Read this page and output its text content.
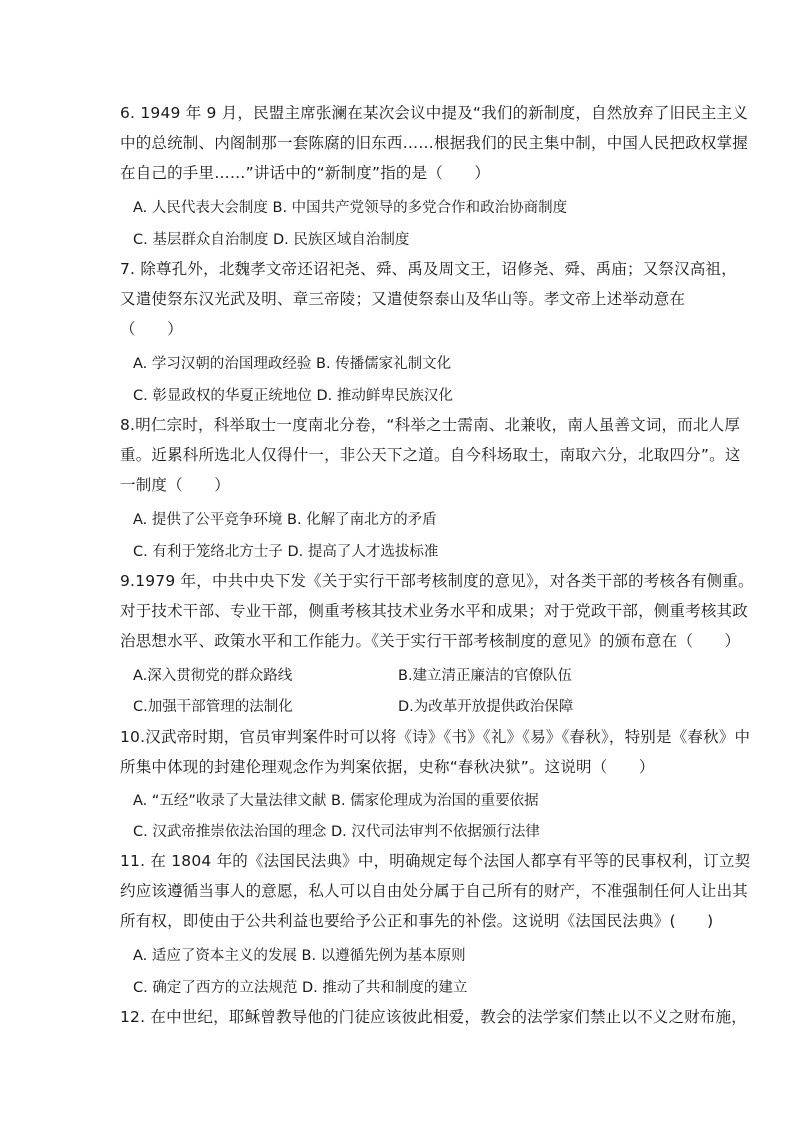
6. 1949 年 9 月，民盟主席张澜在某次会议中提及“我们的新制度，自然放弃了旧民主主义

中的总统制、内阁制那一套陈腐的旧东西……根据我们的民主集中制，中国人民把政权掌握

在自己的手里……”讲话中的“新制度”指的是（　　）

A. 人民代表大会制度 B. 中国共产党领导的多党合作和政治协商制度
C. 基层群众自治制度 D. 民族区域自治制度

7. 除尊孔外，北魏孝文帝还诏祀尧、舜、禹及周文王，诏修尧、舜、禹庙；又祭汉高祖，

又遣使祭东汉光武及明、章三帝陵；又遣使祭泰山及华山等。孝文帝上述举动意在

（　　）

A. 学习汉朝的治国理政经验 B. 传播儒家礼制文化
C. 彰显政权的华夏正统地位 D. 推动鲜卑民族汉化

8.明仁宗时，科举取士一度南北分卷，“科举之士需南、北兼收，南人虽善文词，而北人厚

重。近累科所选北人仅得什一，非公天下之道。自今科场取士，南取六分，北取四分”。这

一制度（　　）

A. 提供了公平竞争环境 B. 化解了南北方的矛盾
C. 有利于笼络北方士子 D. 提高了人才选拔标准

9.1979 年，中共中央下发《关于实行干部考核制度的意见》，对各类干部的考核各有侧重。

对于技术干部、专业干部，侧重考核其技术业务水平和成果；对于党政干部，侧重考核其政

治思想水平、政策水平和工作能力。《关于实行干部考核制度的意见》的颁布意在（　　）

A.深入贯彻党的群众路线	B.建立清正廉洁的官僚队伍
C.加强干部管理的法制化	D.为改革开放提供政治保障

10.汉武帝时期，官员审判案件时可以将《诗》《书》《礼》《易》《春秋》，特别是《春秋》中

所集中体现的封建伦理观念作为判案依据，史称“春秋决狱”。这说明（　　）

A. “五经”收录了大量法律文献 B. 儒家伦理成为治国的重要依据
C. 汉武帝推崇依法治国的理念 D. 汉代司法审判不依据颁行法律

11. 在 1804 年的《法国民法典》中，明确规定每个法国人都享有平等的民事权利，订立契

约应该遵循当事人的意愿，私人可以自由处分属于自己所有的财产，不准强制任何人让出其

所有权，即使由于公共利益也要给予公正和事先的补偿。这说明《法国民法典》(　　)

A. 适应了资本主义的发展 B. 以遵循先例为基本原则
C. 确定了西方的立法规范 D. 推动了共和制度的建立

12. 在中世纪，耶稣曾教导他的门徒应该彼此相爱，教会的法学家们禁止以不义之财布施，
